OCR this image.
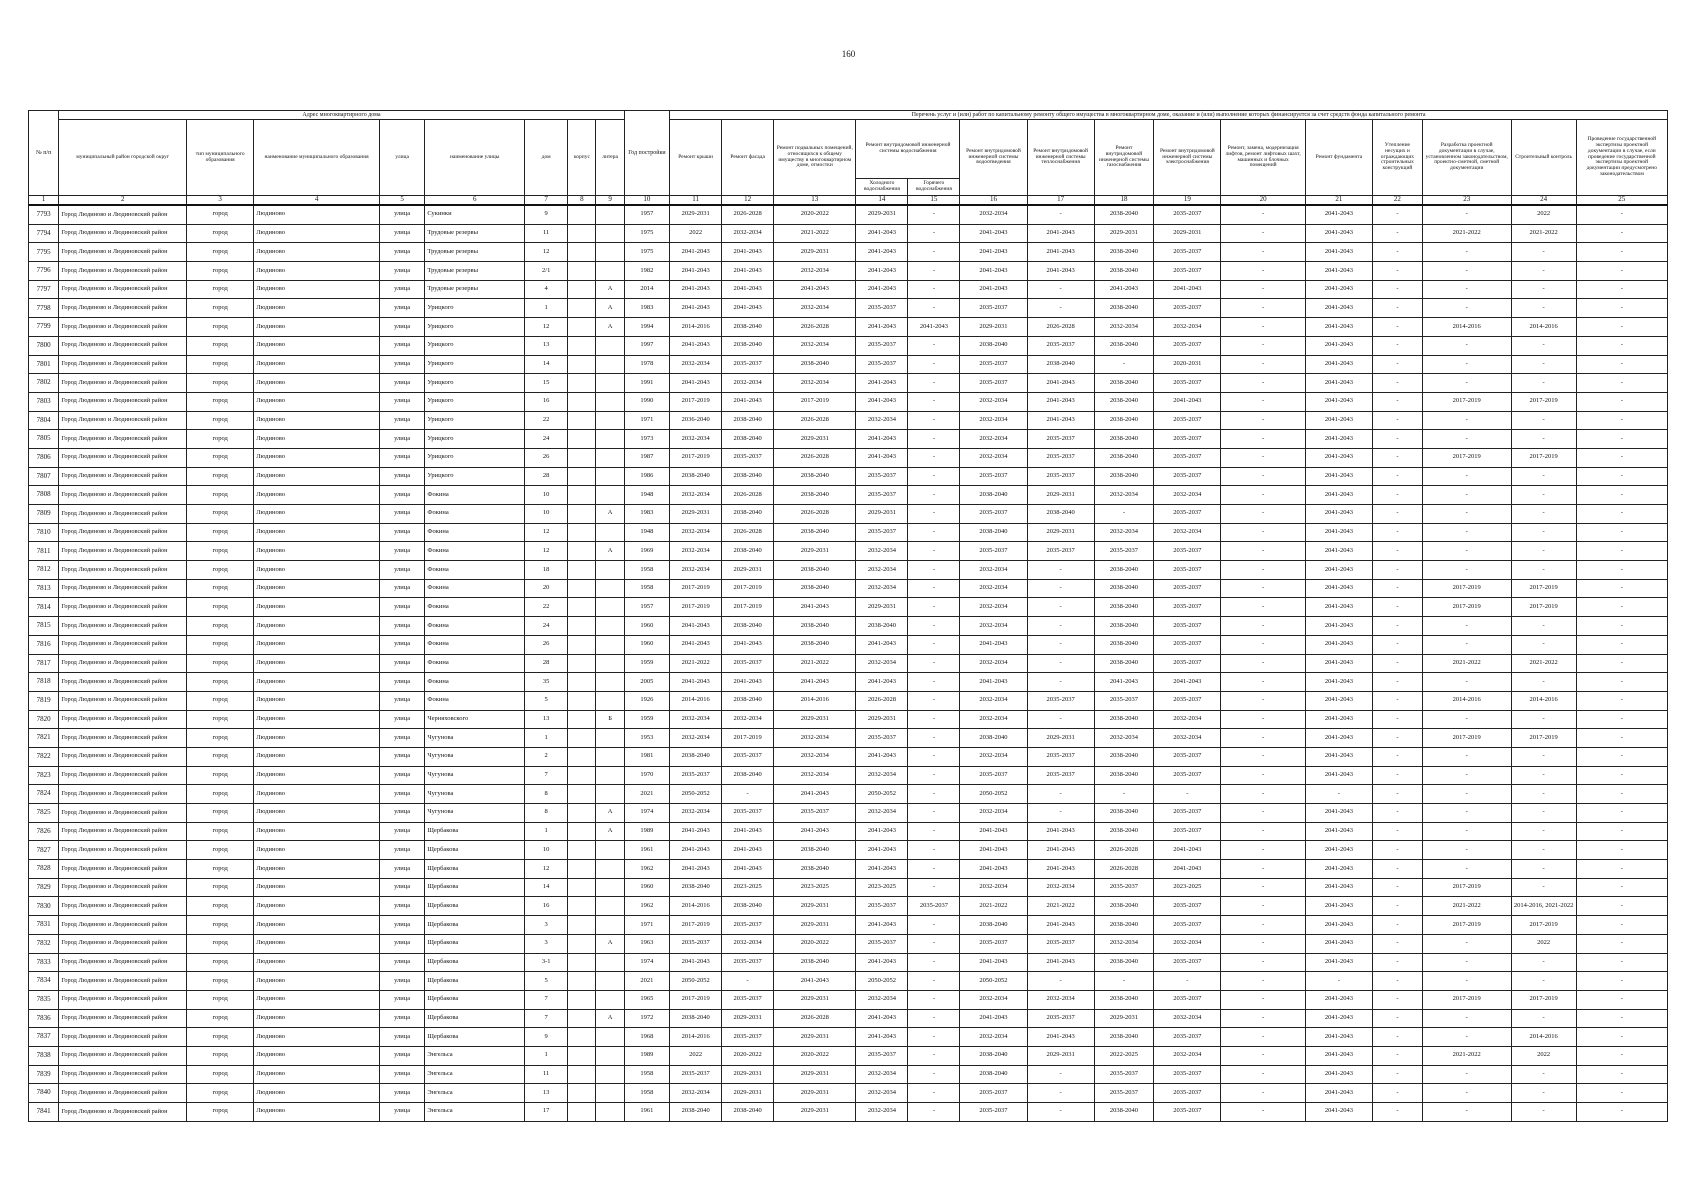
160
№ п/п	Адрес многоквартирного дома								Год постройки	Перечень услуг и (или) работ по капитальному ремонту общего имущества в многоквартирном доме, оказание и (или) выполнение которых финансируется за счет средств фонда капитального ремонта														
	муниципальный район городской округ	тип муниципального образования	наименование муниципального образования	улица	наименование улицы	дом	корпус	литера		Ремонт крыши	Ремонт фасада	Ремонт подвальных помещений, относящихся к общему имуществу в многоквартирном доме, отмостки	Ремонт внутридомовой инженерной системы водоснабжения		Ремонт внутридомовой инженерной системы водоотведения	Ремонт внутридомовой инженерной системы теплоснабжения	Ремонт внутридомовой инженерной системы газоснабжения	Ремонт внутридомовой инженерной системы электроснабжения	Ремонт, замена, модернизация лифтов, ремонт лифтовых шахт, машинных и блочных помещений	Ремонт фундамента	Утепление несущих и ограждающих строительных конструкций	Разработка проектной документации в случае, установленном законодательством, проектно-сметной, сметной документации	Строительный контроль	Проведение государственной экспертизы проектной документации в случае, если проведение государственной экспертизы проектной документации предусмотрено законодательством
													Холодного водоснабжения	Горячего водоснабжения										
1	2	3	4	5	6	7	8	9	10	11	12	13	14	15	16	17	18	19	20	21	22	23	24	25
7793	Город Людиново и Людиновский район	город	Людиново	улица	Сукинки	9			1957	2029-2031	2026-2028	2020-2022	2029-2031	-	2032-2034	-	2038-2040	2035-2037	-	2041-2043	-	-	2022	-
7794	Город Людиново и Людиновский район	город	Людиново	улица	Трудовые резервы	11			1975	2022	2032-2034	2021-2022	2041-2043	-	2041-2043	2041-2043	2029-2031	2029-2031	-	2041-2043	-	2021-2022	2021-2022	-
7795	Город Людиново и Людиновский район	город	Людиново	улица	Трудовые резервы	12			1975	2041-2043	2041-2043	2029-2031	2041-2043	-	2041-2043	2041-2043	2038-2040	2035-2037	-	2041-2043	-	-	-	-
7796	Город Людиново и Людиновский район	город	Людиново	улица	Трудовые резервы	2/1			1982	2041-2043	2041-2043	2032-2034	2041-2043	-	2041-2043	2041-2043	2038-2040	2035-2037	-	2041-2043	-	-	-	-
7797	Город Людиново и Людиновский район	город	Людиново	улица	Трудовые резервы	4		А	2014	2041-2043	2041-2043	2041-2043	2041-2043	-	2041-2043	-	2041-2043	2041-2043	-	2041-2043	-	-	-	-
7798	Город Людиново и Людиновский район	город	Людиново	улица	Урицкого	1		А	1983	2041-2043	2041-2043	2032-2034	2035-2037	-	2035-2037	-	2038-2040	2035-2037	-	2041-2043	-	-	-	-
7799	Город Людиново и Людиновский район	город	Людиново	улица	Урицкого	12		А	1994	2014-2016	2038-2040	2026-2028	2041-2043	2041-2043	2029-2031	2026-2028	2032-2034	2032-2034	-	2041-2043	-	2014-2016	2014-2016	-
7800	Город Людиново и Людиновский район	город	Людиново	улица	Урицкого	13			1997	2041-2043	2038-2040	2032-2034	2035-2037	-	2038-2040	2035-2037	2038-2040	2035-2037	-	2041-2043	-	-	-	-
7801	Город Людиново и Людиновский район	город	Людиново	улица	Урицкого	14			1978	2032-2034	2035-2037	2038-2040	2035-2037	-	2035-2037	2038-2040	-	2020-2031	-	2041-2043	-	-	-	-
7802	Город Людиново и Людиновский район	город	Людиново	улица	Урицкого	15			1991	2041-2043	2032-2034	2032-2034	2041-2043	-	2035-2037	2041-2043	2038-2040	2035-2037	-	2041-2043	-	-	-	-
7803	Город Людиново и Людиновский район	город	Людиново	улица	Урицкого	16			1990	2017-2019	2041-2043	2017-2019	2041-2043	-	2032-2034	2041-2043	2038-2040	2041-2043	-	2041-2043	-	2017-2019	2017-2019	-
7804	Город Людиново и Людиновский район	город	Людиново	улица	Урицкого	22			1971	2036-2040	2038-2040	2026-2028	2032-2034	-	2032-2034	2041-2043	2038-2040	2035-2037	-	2041-2043	-	-	-	-
7805	Город Людиново и Людиновский район	город	Людиново	улица	Урицкого	24			1973	2032-2034	2038-2040	2029-2031	2041-2043	-	2032-2034	2035-2037	2038-2040	2035-2037	-	2041-2043	-	-	-	-
7806	Город Людиново и Людиновский район	город	Людиново	улица	Урицкого	26			1987	2017-2019	2035-2037	2026-2028	2041-2043	-	2032-2034	2035-2037	2038-2040	2035-2037	-	2041-2043	-	2017-2019	2017-2019	-
7807	Город Людиново и Людиновский район	город	Людиново	улица	Урицкого	28			1986	2038-2040	2038-2040	2038-2040	2035-2037	-	2035-2037	2035-2037	2038-2040	2035-2037	-	2041-2043	-	-	-	-
7808	Город Людиново и Людиновский район	город	Людиново	улица	Фокина	10			1948	2032-2034	2026-2028	2038-2040	2035-2037	-	2038-2040	2029-2031	2032-2034	2032-2034	-	2041-2043	-	-	-	-
7809	Город Людиново и Людиновский район	город	Людиново	улица	Фокина	10		А	1983	2029-2031	2038-2040	2026-2028	2029-2031	-	2035-2037	2038-2040	-	2035-2037	-	2041-2043	-	-	-	-
7810	Город Людиново и Людиновский район	город	Людиново	улица	Фокина	12			1948	2032-2034	2026-2028	2038-2040	2035-2037	-	2038-2040	2029-2031	2032-2034	2032-2034	-	2041-2043	-	-	-	-
7811	Город Людиново и Людиновский район	город	Людиново	улица	Фокина	12		А	1969	2032-2034	2038-2040	2029-2031	2032-2034	-	2035-2037	2035-2037	2035-2037	2035-2037	-	2041-2043	-	-	-	-
7812	Город Людиново и Людиновский район	город	Людиново	улица	Фокина	18			1958	2032-2034	2029-2031	2038-2040	2032-2034	-	2032-2034	-	2038-2040	2035-2037	-	2041-2043	-	-	-	-
7813	Город Людиново и Людиновский район	город	Людиново	улица	Фокина	20			1958	2017-2019	2017-2019	2038-2040	2032-2034	-	2032-2034	-	2038-2040	2035-2037	-	2041-2043	-	2017-2019	2017-2019	-
7814	Город Людиново и Людиновский район	город	Людиново	улица	Фокина	22			1957	2017-2019	2017-2019	2041-2043	2029-2031	-	2032-2034	-	2038-2040	2035-2037	-	2041-2043	-	2017-2019	2017-2019	-
7815	Город Людиново и Людиновский район	город	Людиново	улица	Фокина	24			1960	2041-2043	2038-2040	2038-2040	2038-2040	-	2032-2034	-	2038-2040	2035-2037	-	2041-2043	-	-	-	-
7816	Город Людиново и Людиновский район	город	Людиново	улица	Фокина	26			1960	2041-2043	2041-2043	2038-2040	2041-2043	-	2041-2043	-	2038-2040	2035-2037	-	2041-2043	-	-	-	-
7817	Город Людиново и Людиновский район	город	Людиново	улица	Фокина	28			1959	2021-2022	2035-2037	2021-2022	2032-2034	-	2032-2034	-	2038-2040	2035-2037	-	2041-2043	-	2021-2022	2021-2022	-
7818	Город Людиново и Людиновский район	город	Людиново	улица	Фокина	35			2005	2041-2043	2041-2043	2041-2043	2041-2043	-	2041-2043	-	2041-2043	2041-2043	-	2041-2043	-	-	-	-
7819	Город Людиново и Людиновский район	город	Людиново	улица	Фокина	5			1926	2014-2016	2038-2040	2014-2016	2026-2028	-	2032-2034	2035-2037	2035-2037	2035-2037	-	2041-2043	-	2014-2016	2014-2016	-
7820	Город Людиново и Людиновский район	город	Людиново	улица	Черняховского	13		Б	1959	2032-2034	2032-2034	2029-2031	2029-2031	-	2032-2034	-	2038-2040	2032-2034	-	2041-2043	-	-	-	-
7821	Город Людиново и Людиновский район	город	Людиново	улица	Чугунова	1			1953	2032-2034	2017-2019	2032-2034	2035-2037	-	2038-2040	2029-2031	2032-2034	2032-2034	-	2041-2043	-	2017-2019	2017-2019	-
7822	Город Людиново и Людиновский район	город	Людиново	улица	Чугунова	2			1981	2038-2040	2035-2037	2032-2034	2041-2043	-	2032-2034	2035-2037	2038-2040	2035-2037	-	2041-2043	-	-	-	-
7823	Город Людиново и Людиновский район	город	Людиново	улица	Чугунова	7			1970	2035-2037	2038-2040	2032-2034	2032-2034	-	2035-2037	2035-2037	2038-2040	2035-2037	-	2041-2043	-	-	-	-
7824	Город Людиново и Людиновский район	город	Людиново	улица	Чугунова	8			2021	2050-2052	-	2041-2043	2050-2052	-	2050-2052	-	-	-	-	-	-	-	-	-
7825	Город Людиново и Людиновский район	город	Людиново	улица	Чугунова	8		А	1974	2032-2034	2035-2037	2035-2037	2032-2034	-	2032-2034	-	2038-2040	2035-2037	-	2041-2043	-	-	-	-
7826	Город Людиново и Людиновский район	город	Людиново	улица	Щербакова	1		А	1989	2041-2043	2041-2043	2041-2043	2041-2043	-	2041-2043	2041-2043	2038-2040	2035-2037	-	2041-2043	-	-	-	-
7827	Город Людиново и Людиновский район	город	Людиново	улица	Щербакова	10			1961	2041-2043	2041-2043	2038-2040	2041-2043	-	2041-2043	2041-2043	2026-2028	2041-2043	-	2041-2043	-	-	-	-
7828	Город Людиново и Людиновский район	город	Людиново	улица	Щербакова	12			1962	2041-2043	2041-2043	2038-2040	2041-2043	-	2041-2043	2041-2043	2026-2028	2041-2043	-	2041-2043	-	-	-	-
7829	Город Людиново и Людиновский район	город	Людиново	улица	Щербакова	14			1960	2038-2040	2023-2025	2023-2025	2023-2025	-	2032-2034	2032-2034	2035-2037	2023-2025	-	2041-2043	-	2017-2019	-	-
7830	Город Людиново и Людиновский район	город	Людиново	улица	Щербакова	16			1962	2014-2016	2038-2040	2029-2031	2035-2037	2035-2037	2021-2022	2021-2022	2038-2040	2035-2037	-	2041-2043	-	2021-2022	2014-2016, 2021-2022	-
7831	Город Людиново и Людиновский район	город	Людиново	улица	Щербакова	3			1971	2017-2019	2035-2037	2029-2031	2041-2043	-	2038-2040	2041-2043	2038-2040	2035-2037	-	2041-2043	-	2017-2019	2017-2019	-
7832	Город Людиново и Людиновский район	город	Людиново	улица	Щербакова	3		А	1963	2035-2037	2032-2034	2020-2022	2035-2037	-	2035-2037	2035-2037	2032-2034	2032-2034	-	2041-2043	-	-	2022	-
7833	Город Людиново и Людиновский район	город	Людиново	улица	Щербакова	3-1			1974	2041-2043	2035-2037	2038-2040	2041-2043	-	2041-2043	2041-2043	2038-2040	2035-2037	-	2041-2043	-	-	-	-
7834	Город Людиново и Людиновский район	город	Людиново	улица	Щербакова	5			2021	2050-2052	-	2041-2043	2050-2052	-	2050-2052	-	-	-	-	-	-	-	-	-
7835	Город Людиново и Людиновский район	город	Людиново	улица	Щербакова	7			1965	2017-2019	2035-2037	2029-2031	2032-2034	-	2032-2034	2032-2034	2038-2040	2035-2037	-	2041-2043	-	2017-2019	2017-2019	-
7836	Город Людиново и Людиновский район	город	Людиново	улица	Щербакова	7		А	1972	2038-2040	2029-2031	2026-2028	2041-2043	-	2041-2043	2035-2037	2029-2031	2032-2034	-	2041-2043	-	-	-	-
7837	Город Людиново и Людиновский район	город	Людиново	улица	Щербакова	9			1968	2014-2016	2035-2037	2029-2031	2041-2043	-	2032-2034	2041-2043	2038-2040	2035-2037	-	2041-2043	-	-	2014-2016	-
7838	Город Людиново и Людиновский район	город	Людиново	улица	Энгельса	1			1989	2022	2020-2022	2020-2022	2035-2037	-	2038-2040	2029-2031	2022-2025	2032-2034	-	2041-2043	-	2021-2022	2022	-
7839	Город Людиново и Людиновский район	город	Людиново	улица	Энгельса	11			1958	2035-2037	2029-2031	2029-2031	2032-2034	-	2038-2040	-	2035-2037	2035-2037	-	2041-2043	-	-	-	-
7840	Город Людиново и Людиновский район	город	Людиново	улица	Энгельса	13			1958	2032-2034	2029-2031	2029-2031	2032-2034	-	2035-2037	-	2035-2037	2035-2037	-	2041-2043	-	-	-	-
7841	Город Людиново и Людиновский район	город	Людиново	улица	Энгельса	17			1961	2038-2040	2038-2040	2029-2031	2032-2034	-	2035-2037	-	2038-2040	2035-2037	-	2041-2043	-	-	-	-
